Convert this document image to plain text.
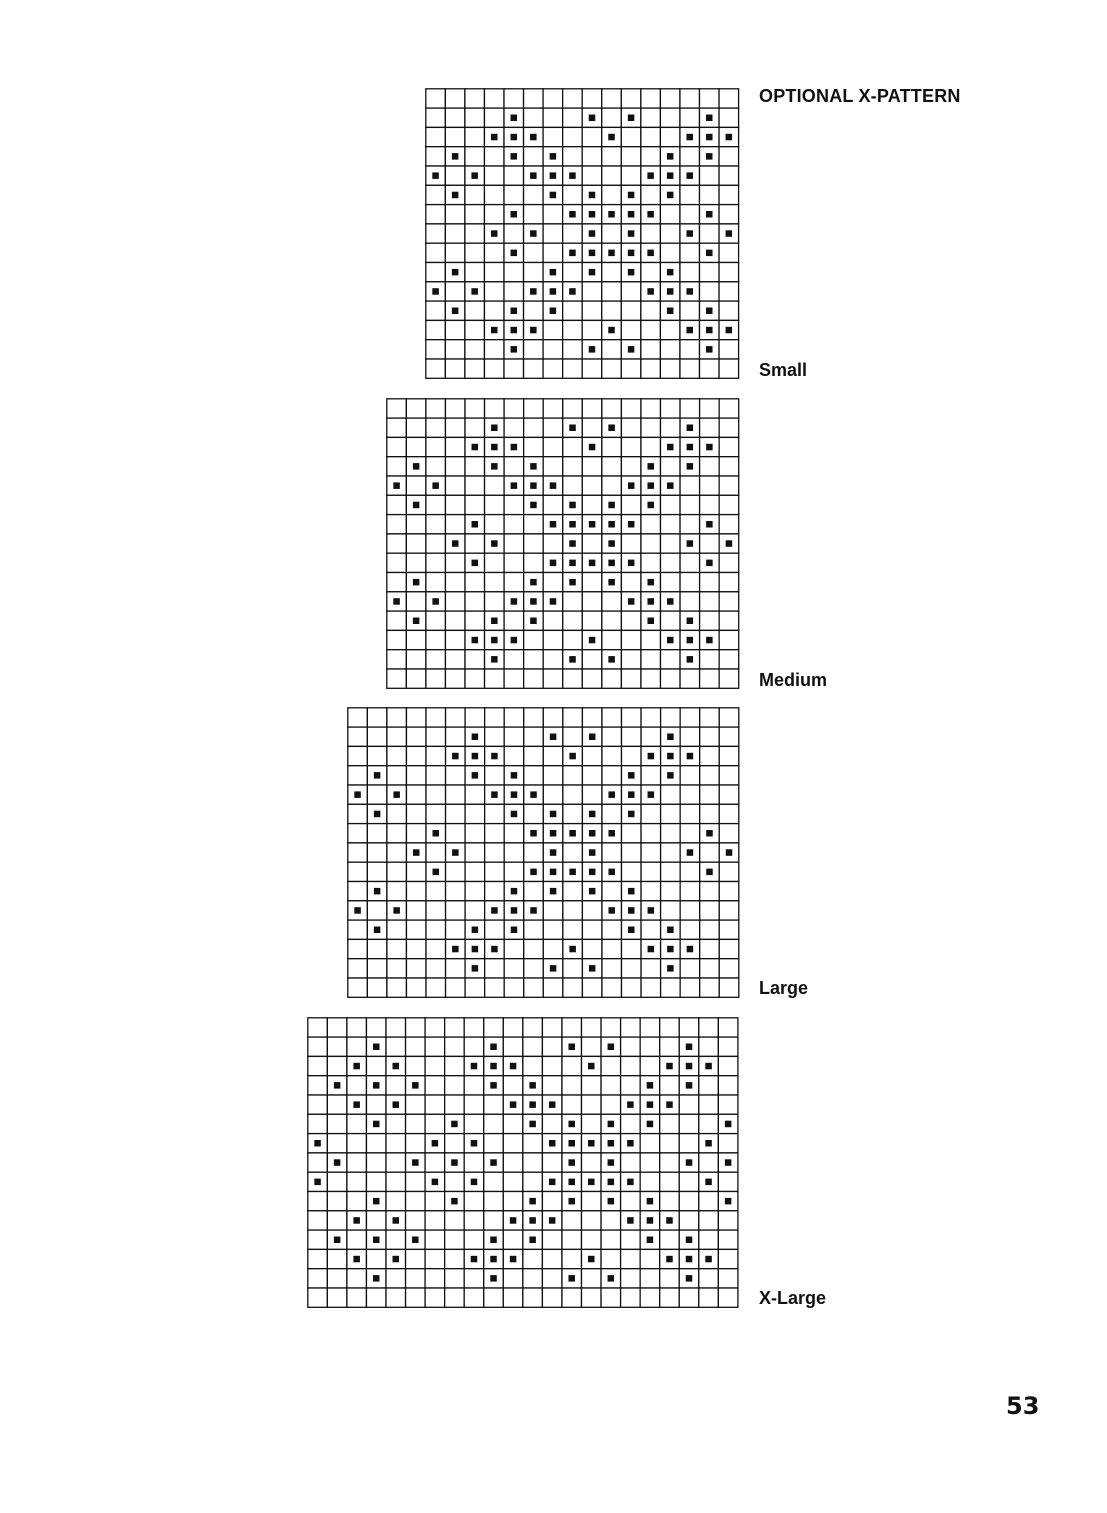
OPTIONAL X-PATTERN

Small

Medium

Large

X-Large

53
